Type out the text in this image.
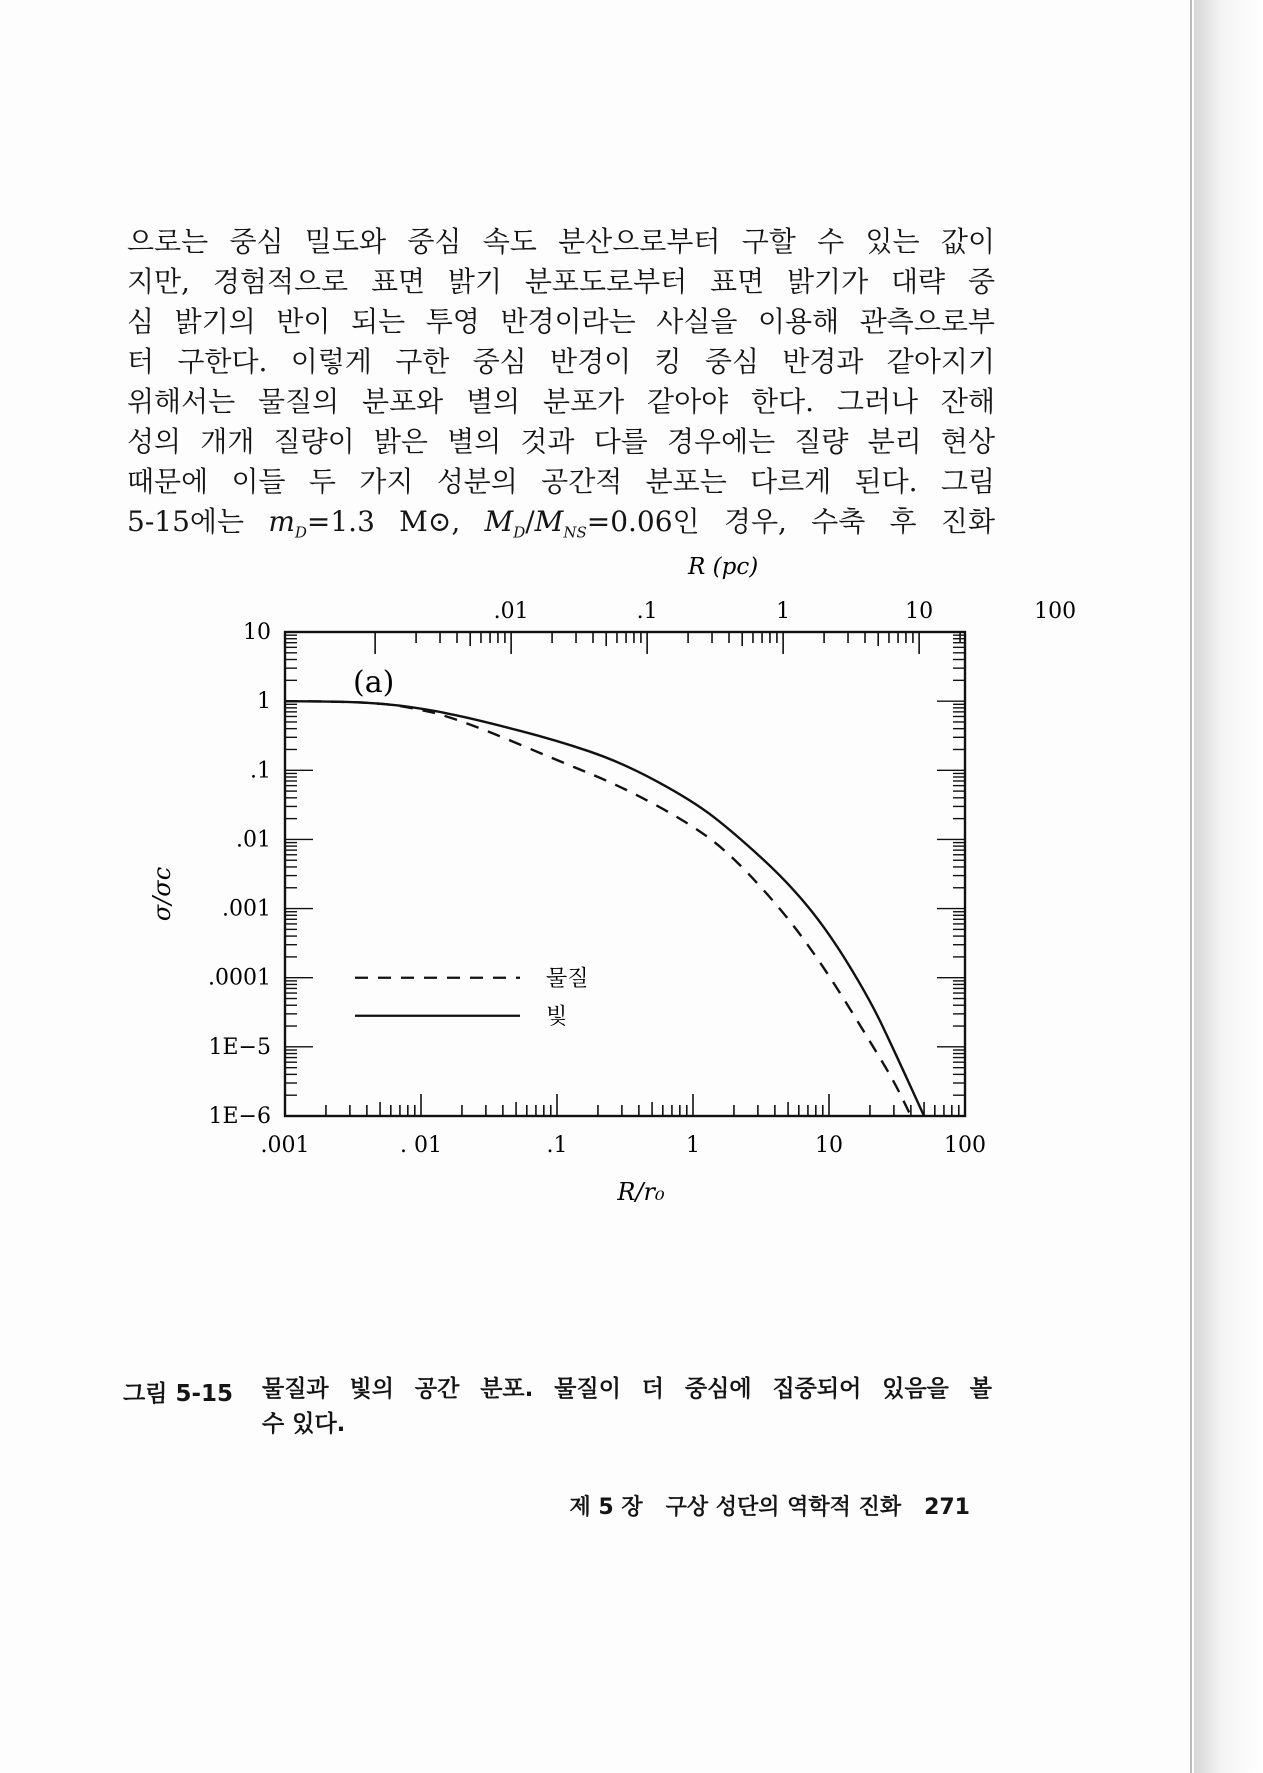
으로는 중심 밀도와 중심 속도 분산으로부터 구할 수 있는 값이
지만, 경험적으로 표면 밝기 분포도로부터 표면 밝기가 대략 중
심 밝기의 반이 되는 투영 반경이라는 사실을 이용해 관측으로부
터 구한다. 이렇게 구한 중심 반경이 킹 중심 반경과 같아지기
위해서는 물질의 분포와 별의 분포가 같아야 한다. 그러나 잔해
성의 개개 질량이 밝은 별의 것과 다를 경우에는 질량 분리 현상
때문에 이들 두 가지 성분의 공간적 분포는 다르게 된다. 그림
5-15에는 $m_D=1.3$ M⊙, $M_D/M_{NS}=0.06$인 경우, 수축 후 진화
.001	. 01	.1	1	10	100
.01	.1	1	10	100
R (pc)
R/r₀
10
1
.1
.01
.001
.0001
1E−5
1E−6
σ/σc
(a)
물질
빛
그림 5-15 물질과 빛의 공간 분포. 물질이 더 중심에 집중되어 있음을 볼
수 있다.
제 5 장 구상 성단의 역학적 진화 271
